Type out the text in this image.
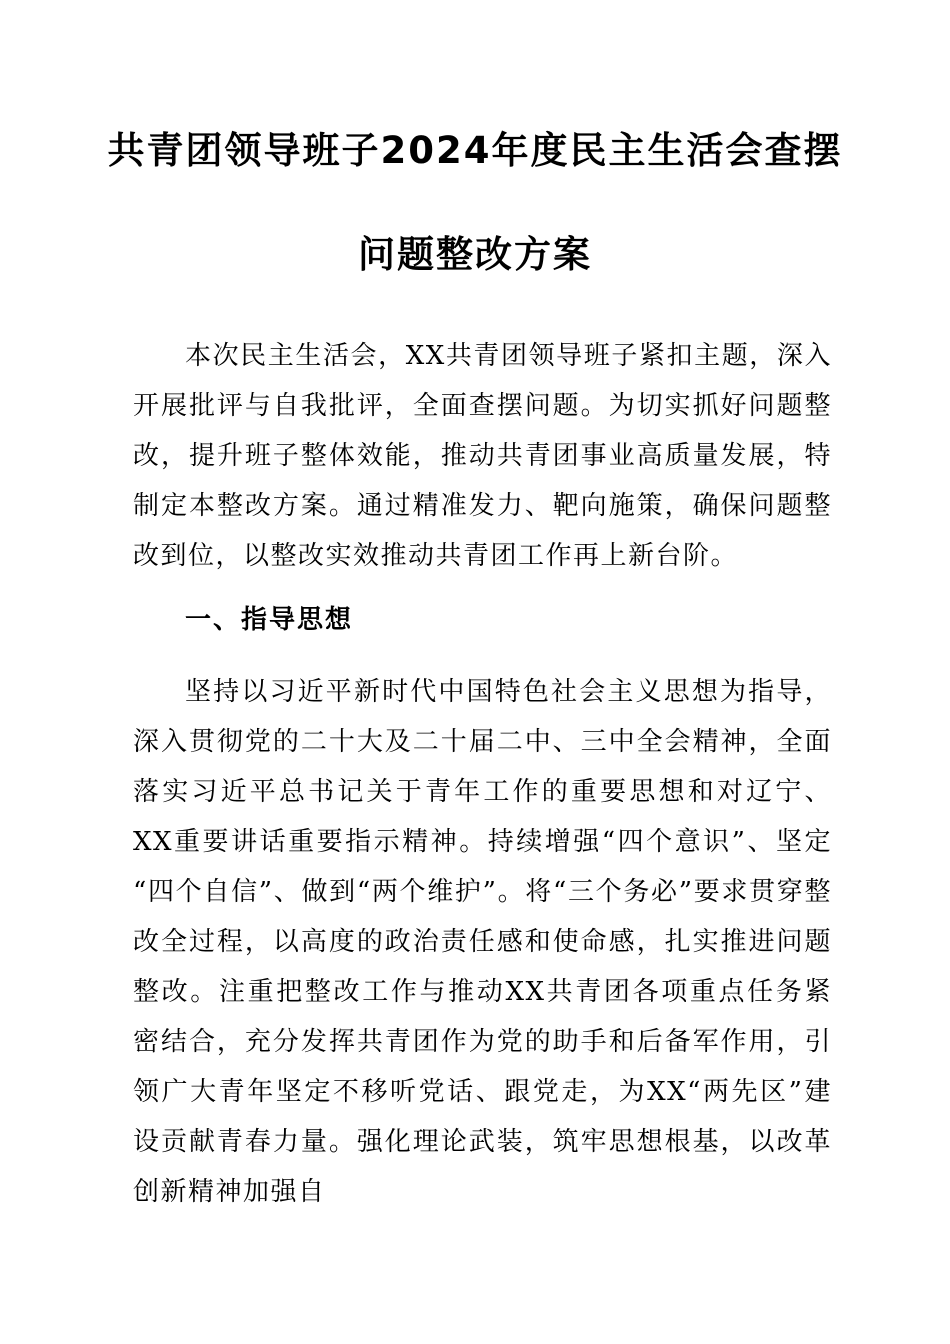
共青团领导班子2024年度民主生活会查摆
问题整改方案

本次民主生活会，XX共青团领导班子紧扣主题，深入开展批评与自我批评，全面查摆问题。为切实抓好问题整改，提升班子整体效能，推动共青团事业高质量发展，特制定本整改方案。通过精准发力、靶向施策，确保问题整改到位，以整改实效推动共青团工作再上新台阶。

一、指导思想

坚持以习近平新时代中国特色社会主义思想为指导，深入贯彻党的二十大及二十届二中、三中全会精神，全面落实习近平总书记关于青年工作的重要思想和对辽宁、XX重要讲话重要指示精神。持续增强“四个意识”、坚定“四个自信”、做到“两个维护”。将“三个务必”要求贯穿整改全过程，以高度的政治责任感和使命感，扎实推进问题整改。注重把整改工作与推动XX共青团各项重点任务紧密结合，充分发挥共青团作为党的助手和后备军作用，引领广大青年坚定不移听党话、跟党走，为XX“两先区”建设贡献青春力量。强化理论武装，筑牢思想根基，以改革创新精神加强自
